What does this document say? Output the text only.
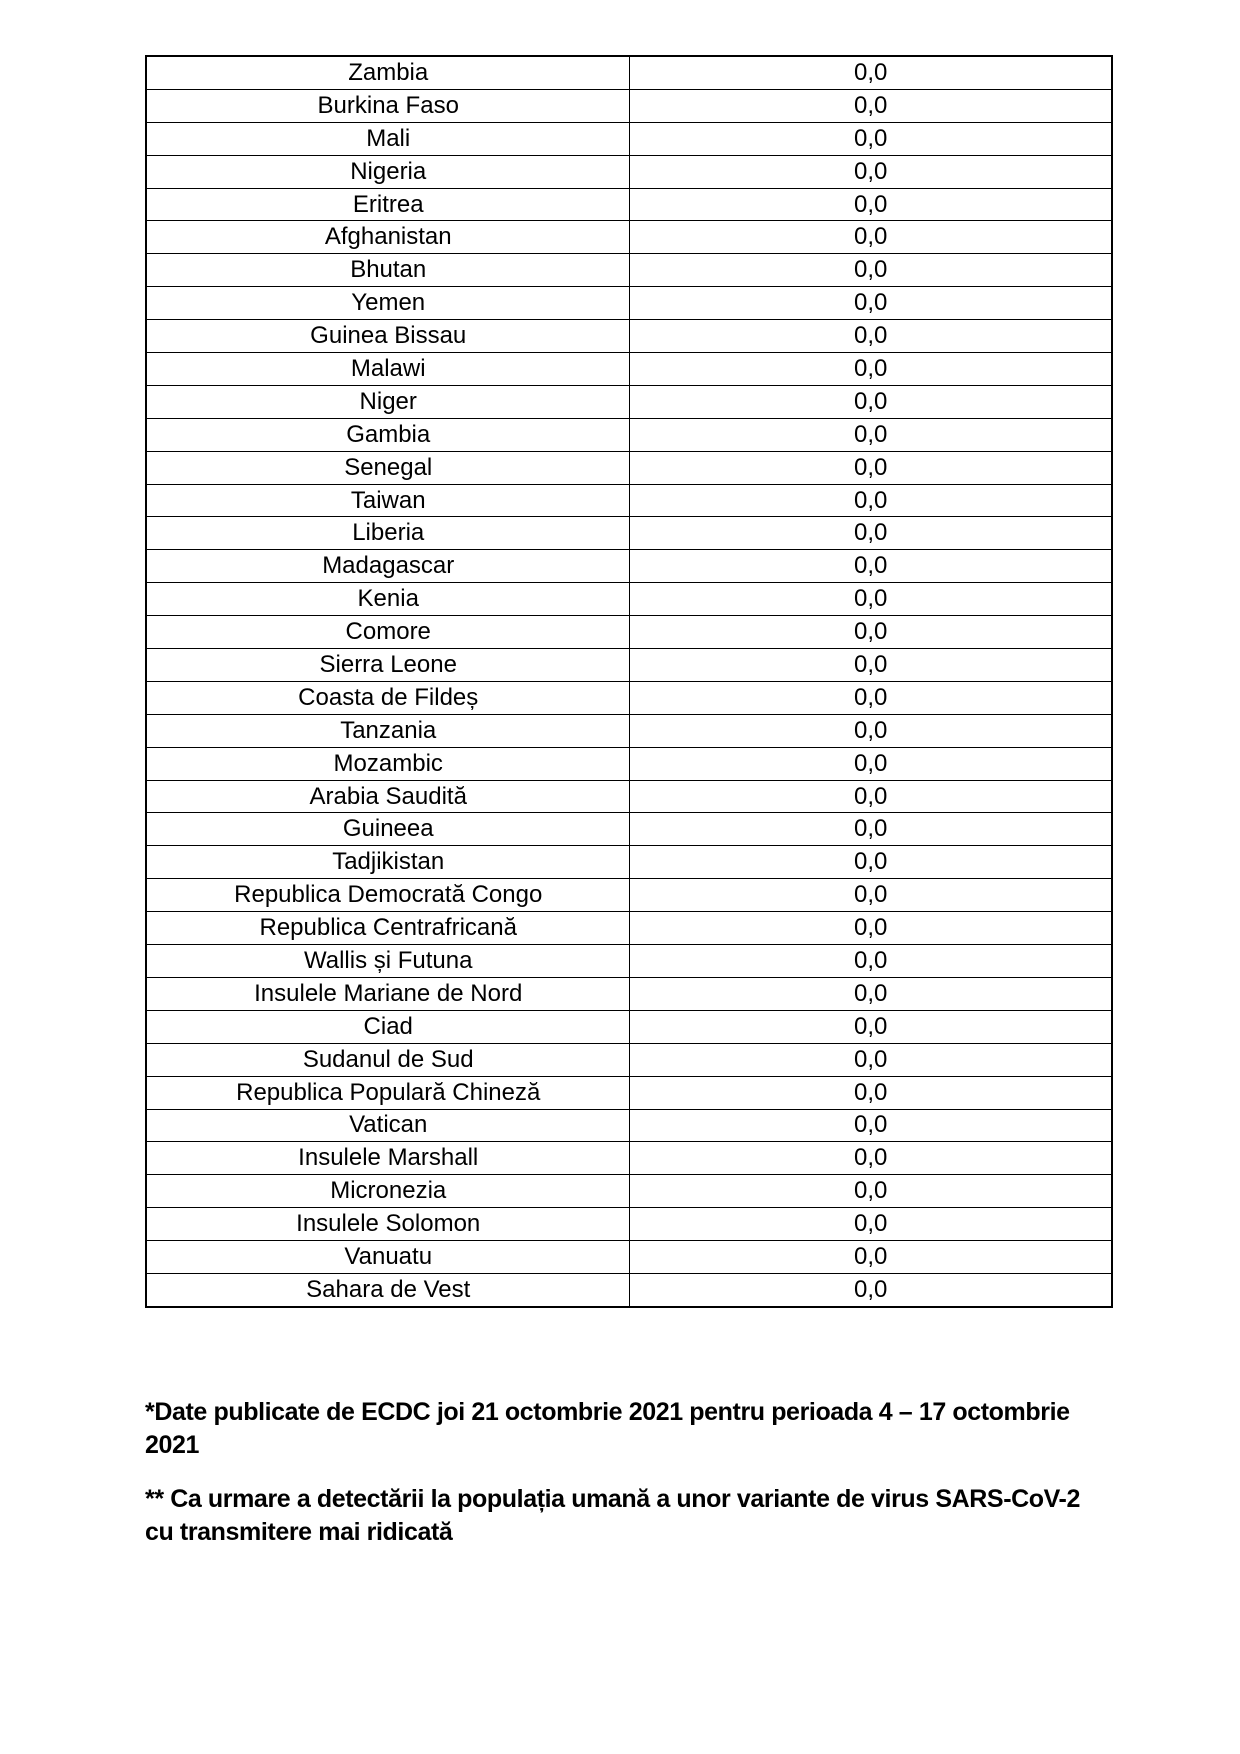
Zambia	0,0
Burkina Faso	0,0
Mali	0,0
Nigeria	0,0
Eritrea	0,0
Afghanistan	0,0
Bhutan	0,0
Yemen	0,0
Guinea Bissau	0,0
Malawi	0,0
Niger	0,0
Gambia	0,0
Senegal	0,0
Taiwan	0,0
Liberia	0,0
Madagascar	0,0
Kenia	0,0
Comore	0,0
Sierra Leone	0,0
Coasta de Fildeș	0,0
Tanzania	0,0
Mozambic	0,0
Arabia Saudită	0,0
Guineea	0,0
Tadjikistan	0,0
Republica Democrată Congo	0,0
Republica Centrafricană	0,0
Wallis și Futuna	0,0
Insulele Mariane de Nord	0,0
Ciad	0,0
Sudanul de Sud	0,0
Republica Populară Chineză	0,0
Vatican	0,0
Insulele Marshall	0,0
Micronezia	0,0
Insulele Solomon	0,0
Vanuatu	0,0
Sahara de Vest	0,0
*Date publicate de ECDC joi 21 octombrie 2021 pentru perioada 4 – 17 octombrie
2021
** Ca urmare a detectării la populația umană a unor variante de virus SARS-CoV-2
cu transmitere mai ridicată
